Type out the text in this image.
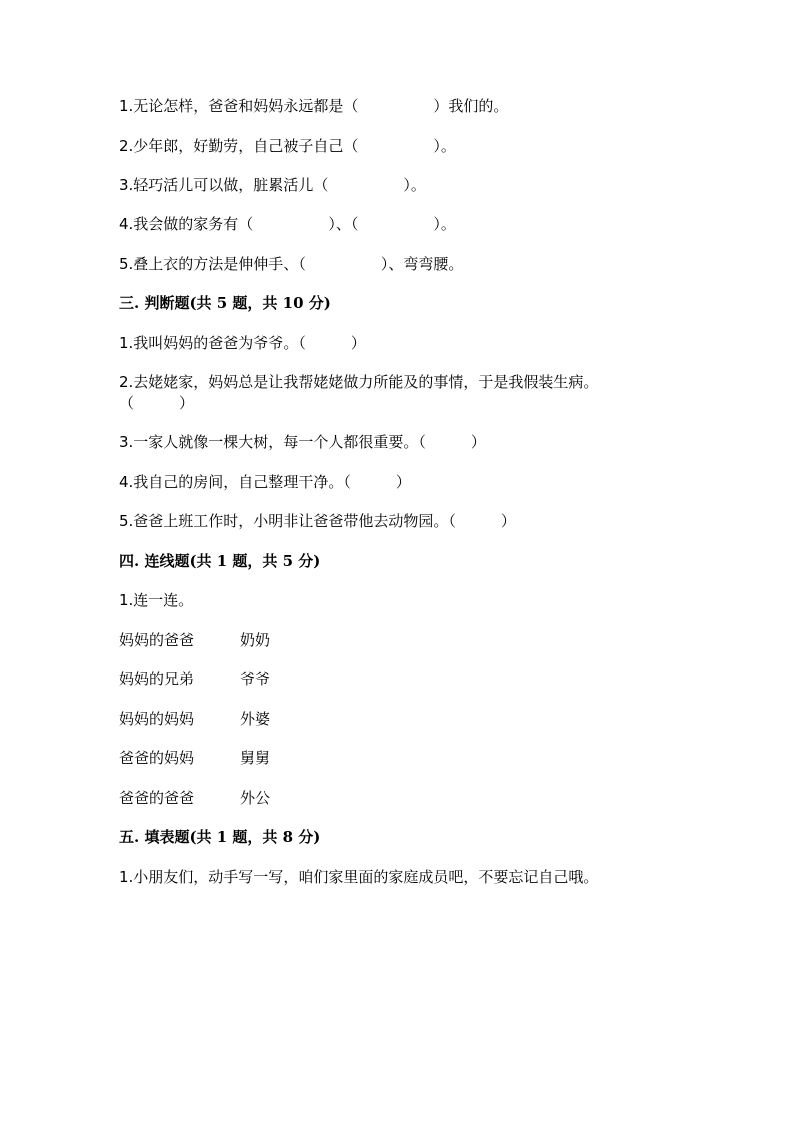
1.无论怎样，爸爸和妈妈永远都是（　　　　　）我们的。
2.少年郎，好勤劳，自己被子自己（　　　　　）。
3.轻巧活儿可以做，脏累活儿（　　　　　）。
4.我会做的家务有（　　　　　）、（　　　　　）。
5.叠上衣的方法是伸伸手、（　　　　　）、弯弯腰。
三. 判断题(共 5 题，共 10 分)
1.我叫妈妈的爸爸为爷爷。（　　　）
2.去姥姥家，妈妈总是让我帮姥姥做力所能及的事情，于是我假装生病。
（　　　）
3.一家人就像一棵大树，每一个人都很重要。（　　　）
4.我自己的房间，自己整理干净。（　　　）
5.爸爸上班工作时，小明非让爸爸带他去动物园。（　　　）
四. 连线题(共 1 题，共 5 分)
1.连一连。
妈妈的爸爸	奶奶
妈妈的兄弟	爷爷
妈妈的妈妈	外婆
爸爸的妈妈	舅舅
爸爸的爸爸	外公
五. 填表题(共 1 题，共 8 分)
1.小朋友们，动手写一写，咱们家里面的家庭成员吧，不要忘记自己哦。
